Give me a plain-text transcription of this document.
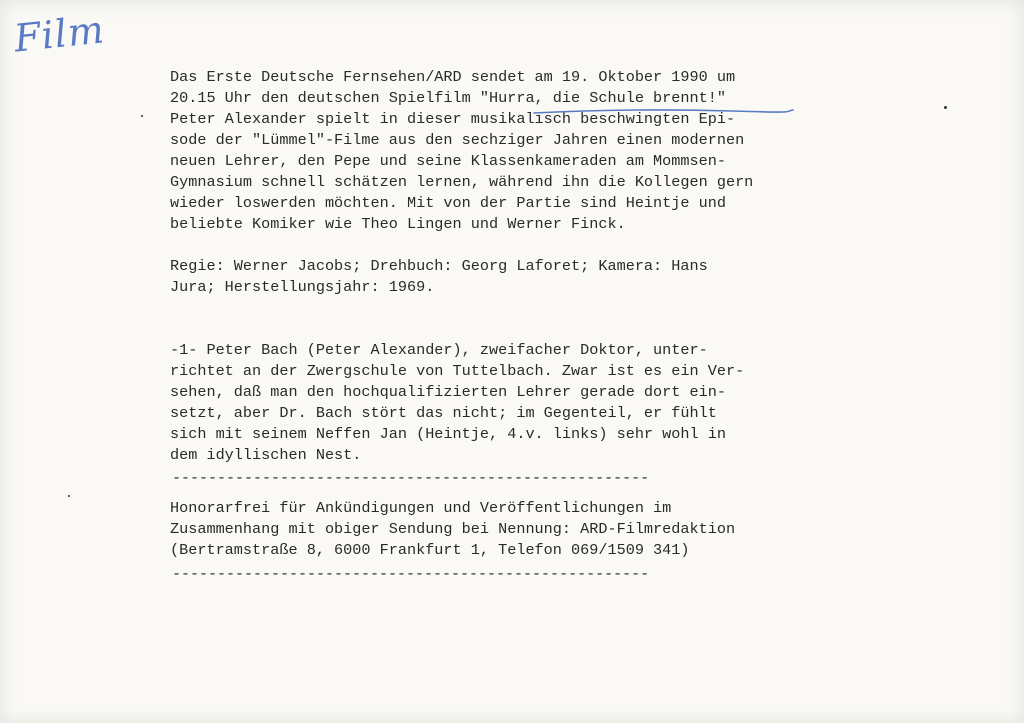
Film
Das Erste Deutsche Fernsehen/ARD sendet am 19. Oktober 1990 um
20.15 Uhr den deutschen Spielfilm "Hurra, die Schule brennt!"
Peter Alexander spielt in dieser musikalisch beschwingten Epi-
sode der "Lümmel"-Filme aus den sechziger Jahren einen modernen
neuen Lehrer, den Pepe und seine Klassenkameraden am Mommsen-
Gymnasium schnell schätzen lernen, während ihn die Kollegen gern
wieder loswerden möchten. Mit von der Partie sind Heintje und
beliebte Komiker wie Theo Lingen und Werner Finck.
Regie: Werner Jacobs; Drehbuch: Georg Laforet; Kamera: Hans
Jura; Herstellungsjahr: 1969.
-1- Peter Bach (Peter Alexander), zweifacher Doktor, unter-
richtet an der Zwergschule von Tuttelbach. Zwar ist es ein Ver-
sehen, daß man den hochqualifizierten Lehrer gerade dort ein-
setzt, aber Dr. Bach stört das nicht; im Gegenteil, er fühlt
sich mit seinem Neffen Jan (Heintje, 4.v. links) sehr wohl in
dem idyllischen Nest.
-----------------------------------------------------
Honorarfrei für Ankündigungen und Veröffentlichungen im
Zusammenhang mit obiger Sendung bei Nennung: ARD-Filmredaktion
(Bertramstraße 8, 6000 Frankfurt 1, Telefon 069/1509 341)
-----------------------------------------------------
